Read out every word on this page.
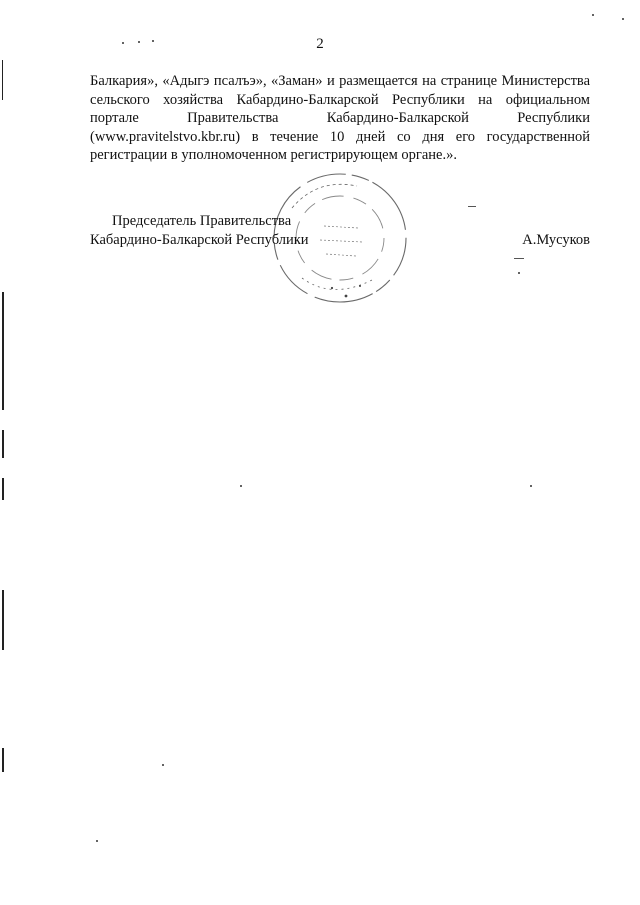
2
Балкария», «Адыгэ псалъэ», «Заман» и размещается на странице Министерства сельского хозяйства Кабардино-Балкарской Республики на официальном портале Правительства Кабардино-Балкарской Республики (www.pravitelstvo.kbr.ru) в течение 10 дней со дня его государственной регистрации в уполномоченном регистрирующем органе.».
Председатель Правительства
Кабардино-Балкарской Республики	А.Мусуков
